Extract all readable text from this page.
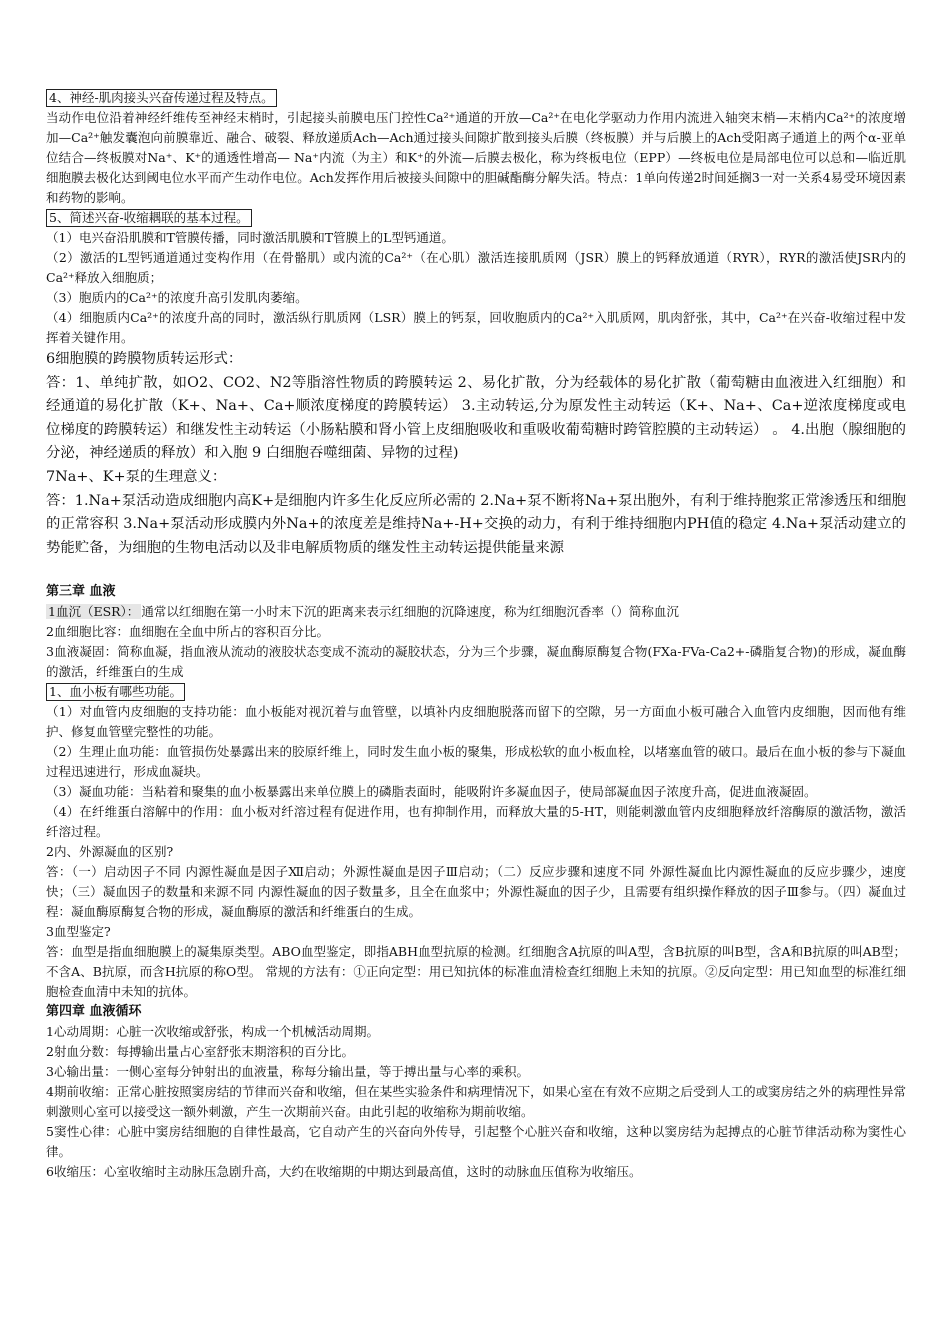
4、神经-肌肉接头兴奋传递过程及特点。

当动作电位沿着神经纤维传至神经末梢时，引起接头前膜电压门控性Ca²⁺通道的开放—Ca²⁺在电化学驱动力作用内流进入轴突末梢—末梢内Ca²⁺的浓度增加—Ca²⁺触发囊泡向前膜靠近、融合、破裂、释放递质Ach—Ach通过接头间隙扩散到接头后膜（终板膜）并与后膜上的Ach受阳离子通道上的两个α-亚单位结合—终板膜对Na⁺、K⁺的通透性增高— Na⁺内流（为主）和K⁺的外流—后膜去极化，称为终板电位（EPP）—终板电位是局部电位可以总和—临近肌细胞膜去极化达到阈电位水平而产生动作电位。Ach发挥作用后被接头间隙中的胆碱酯酶分解失活。特点：1单向传递2时间延搁3一对一关系4易受环境因素和药物的影响。

5、简述兴奋-收缩耦联的基本过程。

（1）电兴奋沿肌膜和T管膜传播，同时激活肌膜和T管膜上的L型钙通道。

（2）激活的L型钙通道通过变构作用（在骨骼肌）或内流的Ca²⁺（在心肌）激活连接肌质网（JSR）膜上的钙释放通道（RYR），RYR的激活使JSR内的Ca²⁺释放入细胞质；

（3）胞质内的Ca²⁺的浓度升高引发肌肉萎缩。

（4）细胞质内Ca²⁺的浓度升高的同时，激活纵行肌质网（LSR）膜上的钙泵，回收胞质内的Ca²⁺入肌质网，肌肉舒张，其中，Ca²⁺在兴奋-收缩过程中发挥着关键作用。

6细胞膜的跨膜物质转运形式：

答：1、单纯扩散，如O2、CO2、N2等脂溶性物质的跨膜转运 2、易化扩散，分为经载体的易化扩散（葡萄糖由血液进入红细胞）和经通道的易化扩散（K+、Na+、Ca+顺浓度梯度的跨膜转运） 3.主动转运,分为原发性主动转运（K+、Na+、Ca+逆浓度梯度或电位梯度的跨膜转运）和继发性主动转运（小肠粘膜和肾小管上皮细胞吸收和重吸收葡萄糖时跨管腔膜的主动转运） 。 4.出胞（腺细胞的分泌，神经递质的释放）和入胞 9 白细胞吞噬细菌、异物的过程)

7Na+、K+泵的生理意义：

答：1.Na+泵活动造成细胞内高K+是细胞内许多生化反应所必需的 2.Na+泵不断将Na+泵出胞外，有利于维持胞浆正常渗透压和细胞的正常容积 3.Na+泵活动形成膜内外Na+的浓度差是维持Na+-H+交换的动力，有利于维持细胞内PH值的稳定 4.Na+泵活动建立的势能贮备，为细胞的生物电活动以及非电解质物质的继发性主动转运提供能量来源

第三章 血液

1血沉（ESR）： 通常以红细胞在第一小时末下沉的距离来表示红细胞的沉降速度，称为红细胞沉香率（）简称血沉

2血细胞比容：血细胞在全血中所占的容积百分比。

3血液凝固：简称血凝，指血液从流动的液胶状态变成不流动的凝胶状态，分为三个步骤，凝血酶原酶复合物(FXa-FVa-Ca2+-磷脂复合物)的形成，凝血酶的激活，纤维蛋白的生成

1、血小板有哪些功能。

（1）对血管内皮细胞的支持功能：血小板能对视沉着与血管壁，以填补内皮细胞脱落而留下的空隙，另一方面血小板可融合入血管内皮细胞，因而他有维护、修复血管壁完整性的功能。

（2）生理止血功能：血管损伤处暴露出来的胶原纤维上，同时发生血小板的聚集，形成松软的血小板血栓，以堵塞血管的破口。最后在血小板的参与下凝血过程迅速进行，形成血凝块。

（3）凝血功能：当粘着和聚集的血小板暴露出来单位膜上的磷脂表面时，能吸附许多凝血因子，使局部凝血因子浓度升高，促进血液凝固。

（4）在纤维蛋白溶解中的作用：血小板对纤溶过程有促进作用，也有抑制作用，而释放大量的5-HT，则能刺激血管内皮细胞释放纤溶酶原的激活物，激活纤溶过程。

2内、外源凝血的区别?

答：（一）启动因子不同 内源性凝血是因子Ⅻ启动；外源性凝血是因子Ⅲ启动；（二）反应步骤和速度不同 外源性凝血比内源性凝血的反应步骤少，速度快；（三）凝血因子的数量和来源不同 内源性凝血的因子数量多，且全在血浆中；外源性凝血的因子少，且需要有组织操作释放的因子Ⅲ参与。（四）凝血过程：凝血酶原酶复合物的形成，凝血酶原的激活和纤维蛋白的生成。

3血型鉴定?

答：血型是指血细胞膜上的凝集原类型。ABO血型鉴定，即指ABH血型抗原的检测。红细胞含A抗原的叫A型，含B抗原的叫B型，含A和B抗原的叫AB型；不含A、B抗原，而含H抗原的称O型。 常规的方法有：①正向定型：用已知抗体的标准血清检查红细胞上未知的抗原。②反向定型：用已知血型的标准红细胞检查血清中未知的抗体。

第四章 血液循环

1心动周期：心脏一次收缩或舒张，构成一个机械活动周期。

2射血分数：每搏输出量占心室舒张末期溶积的百分比。

3心输出量：一侧心室每分钟射出的血液量，称每分输出量，等于搏出量与心率的乘积。

4期前收缩：正常心脏按照窦房结的节律而兴奋和收缩，但在某些实验条件和病理情况下，如果心室在有效不应期之后受到人工的或窦房结之外的病理性异常刺激则心室可以接受这一额外刺激，产生一次期前兴奋。由此引起的收缩称为期前收缩。

5窦性心律：心脏中窦房结细胞的自律性最高，它自动产生的兴奋向外传导，引起整个心脏兴奋和收缩，这种以窦房结为起搏点的心脏节律活动称为窦性心律。

6收缩压：心室收缩时主动脉压急剧升高，大约在收缩期的中期达到最高值，这时的动脉血压值称为收缩压。
